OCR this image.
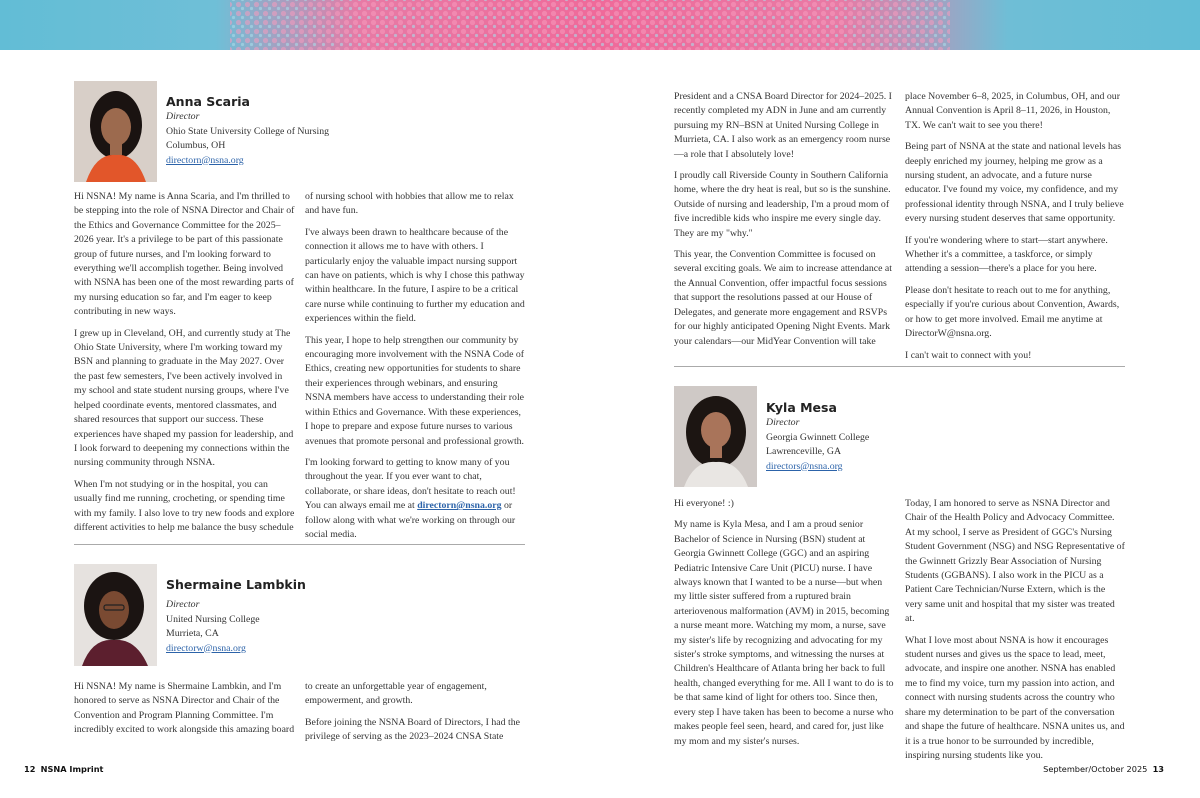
Anna Scaria
Director
Ohio State University College of Nursing
Columbus, OH
directorn@nsna.org

Hi NSNA! My name is Anna Scaria, and I'm thrilled to be stepping into the role of NSNA Director and Chair of the Ethics and Governance Committee for the 2025–2026 year. It's a privilege to be part of this passionate group of future nurses, and I'm looking forward to everything we'll accomplish together. Being involved with NSNA has been one of the most rewarding parts of my nursing education so far, and I'm eager to keep contributing in new ways.

I grew up in Cleveland, OH, and currently study at The Ohio State University, where I'm working toward my BSN and planning to graduate in the May 2027. Over the past few semesters, I've been actively involved in my school and state student nursing groups, where I've helped coordinate events, mentored classmates, and shared resources that support our success. These experiences have shaped my passion for leadership, and I look forward to deepening my connections within the nursing community through NSNA.

When I'm not studying or in the hospital, you can usually find me running, crocheting, or spending time with my family. I also love to try new foods and explore different activities to help me balance the busy schedule

of nursing school with hobbies that allow me to relax and have fun.

I've always been drawn to healthcare because of the connection it allows me to have with others. I particularly enjoy the valuable impact nursing support can have on patients, which is why I chose this pathway within healthcare. In the future, I aspire to be a critical care nurse while continuing to further my education and experiences within the field.

This year, I hope to help strengthen our community by encouraging more involvement with the NSNA Code of Ethics, creating new opportunities for students to share their experiences through webinars, and ensuring NSNA members have access to understanding their role within Ethics and Governance. With these experiences, I hope to prepare and expose future nurses to various avenues that promote personal and professional growth.

I'm looking forward to getting to know many of you throughout the year. If you ever want to chat, collaborate, or share ideas, don't hesitate to reach out! You can always email me at directorn@nsna.org or follow along with what we're working on through our social media.

Shermaine Lambkin
Director
United Nursing College
Murrieta, CA
directorw@nsna.org

Hi NSNA! My name is Shermaine Lambkin, and I'm honored to serve as NSNA Director and Chair of the Convention and Program Planning Committee. I'm incredibly excited to work alongside this amazing board

to create an unforgettable year of engagement, empowerment, and growth.

Before joining the NSNA Board of Directors, I had the privilege of serving as the 2023–2024 CNSA State

President and a CNSA Board Director for 2024–2025. I recently completed my ADN in June and am currently pursuing my RN–BSN at United Nursing College in Murrieta, CA. I also work as an emergency room nurse—a role that I absolutely love!

I proudly call Riverside County in Southern California home, where the dry heat is real, but so is the sunshine. Outside of nursing and leadership, I'm a proud mom of five incredible kids who inspire me every single day. They are my "why."

This year, the Convention Committee is focused on several exciting goals. We aim to increase attendance at the Annual Convention, offer impactful focus sessions that support the resolutions passed at our House of Delegates, and generate more engagement and RSVPs for our highly anticipated Opening Night Events. Mark your calendars—our MidYear Convention will take

place November 6–8, 2025, in Columbus, OH, and our Annual Convention is April 8–11, 2026, in Houston, TX. We can't wait to see you there!

Being part of NSNA at the state and national levels has deeply enriched my journey, helping me grow as a nursing student, an advocate, and a future nurse educator. I've found my voice, my confidence, and my professional identity through NSNA, and I truly believe every nursing student deserves that same opportunity.

If you're wondering where to start—start anywhere. Whether it's a committee, a taskforce, or simply attending a session—there's a place for you here.

Please don't hesitate to reach out to me for anything, especially if you're curious about Convention, Awards, or how to get more involved. Email me anytime at DirectorW@nsna.org.

I can't wait to connect with you!

Kyla Mesa
Director
Georgia Gwinnett College
Lawrenceville, GA
directors@nsna.org

Hi everyone! :)

My name is Kyla Mesa, and I am a proud senior Bachelor of Science in Nursing (BSN) student at Georgia Gwinnett College (GGC) and an aspiring Pediatric Intensive Care Unit (PICU) nurse. I have always known that I wanted to be a nurse—but when my little sister suffered from a ruptured brain arteriovenous malformation (AVM) in 2015, becoming a nurse meant more. Watching my mom, a nurse, save my sister's life by recognizing and advocating for my sister's stroke symptoms, and witnessing the nurses at Children's Healthcare of Atlanta bring her back to full health, changed everything for me. All I want to do is to be that same kind of light for others too. Since then, every step I have taken has been to become a nurse who makes people feel seen, heard, and cared for, just like my mom and my sister's nurses.

Today, I am honored to serve as NSNA Director and Chair of the Health Policy and Advocacy Committee. At my school, I serve as President of GGC's Nursing Student Government (NSG) and NSG Representative of the Gwinnett Grizzly Bear Association of Nursing Students (GGBANS). I also work in the PICU as a Patient Care Technician/Nurse Extern, which is the very same unit and hospital that my sister was treated at.

What I love most about NSNA is how it encourages student nurses and gives us the space to lead, meet, advocate, and inspire one another. NSNA has enabled me to find my voice, turn my passion into action, and connect with nursing students across the country who share my determination to be part of the conversation and shape the future of healthcare. NSNA unites us, and it is a true honor to be surrounded by incredible, inspiring nursing students like you.

12 NSNA Imprint	September/October 2025 13
